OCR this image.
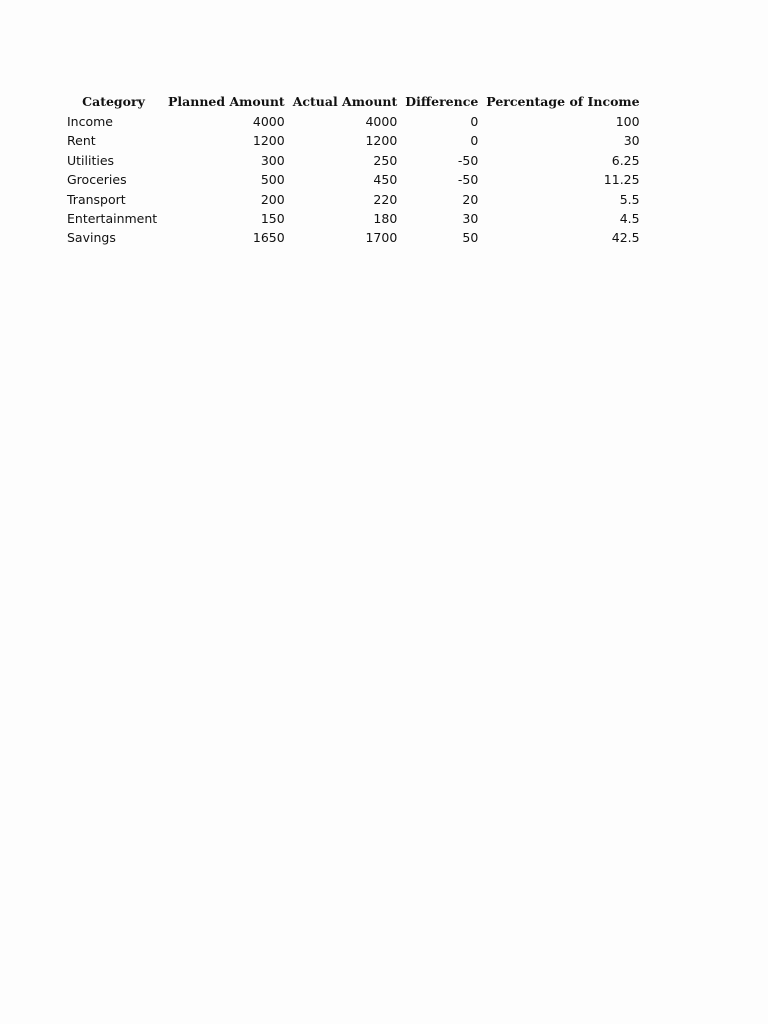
Category	Planned Amount	Actual Amount	Difference	Percentage of Income
Income	4000	4000	0	100
Rent	1200	1200	0	30
Utilities	300	250	-50	6.25
Groceries	500	450	-50	11.25
Transport	200	220	20	5.5
Entertainment	150	180	30	4.5
Savings	1650	1700	50	42.5
